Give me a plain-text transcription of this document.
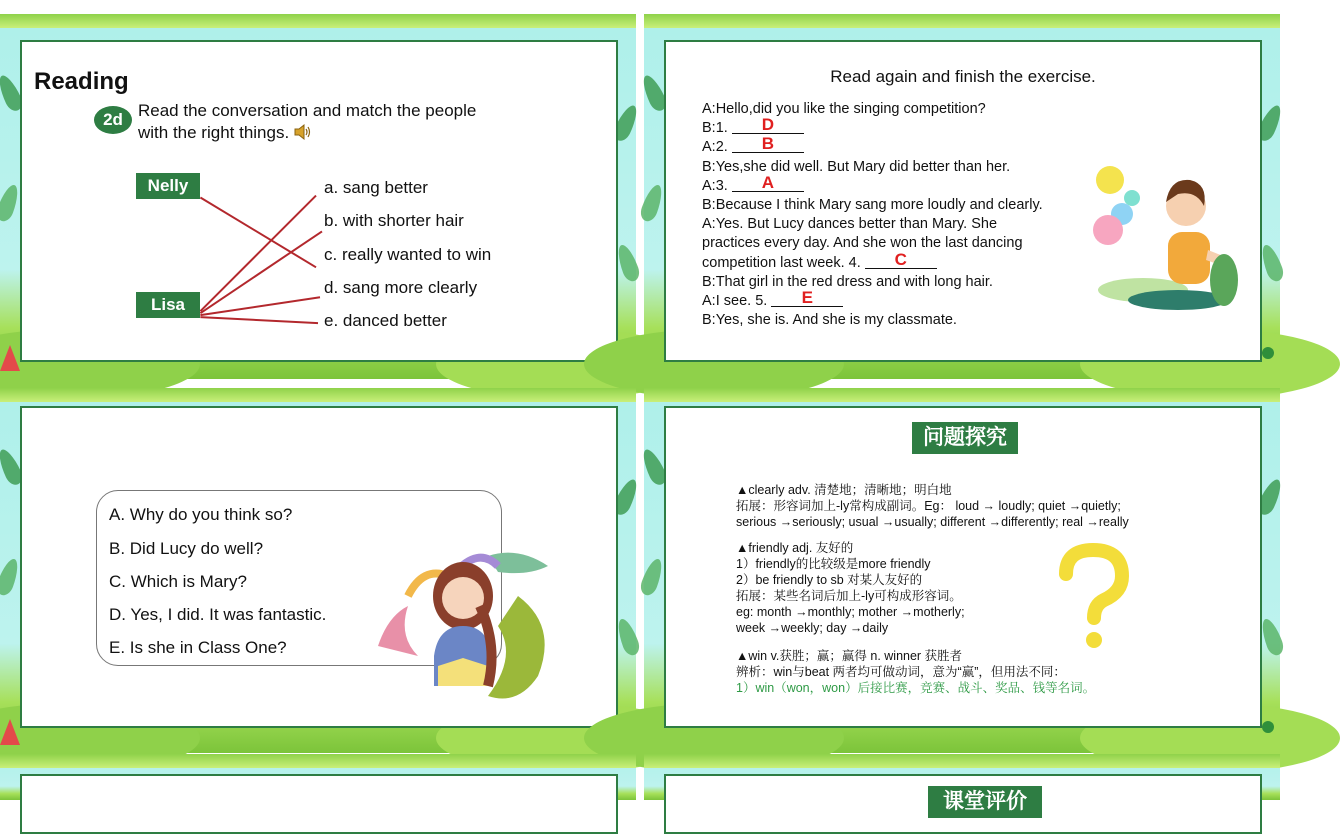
Reading
2d Read the conversation and match the people
with the right things.
Nelly
Lisa
a. sang better
b. with shorter hair
c. really wanted to win
d. sang more clearly
e. danced better
Read again and finish the exercise.
A:Hello,did you like the singing competition?
B:1.	D
A:2.	B
B:Yes,she did well. But Mary did better than her.
A:3.	A
B:Because I think Mary sang more loudly and clearly.
A:Yes. But Lucy dances better than Mary. She
practices every day. And she won the last dancing
competition last week. 4.	C
B:That girl in the red dress and with long hair.
A:I see. 5.	E
B:Yes, she is. And she is my classmate.
A. Why do you think so?
B. Did Lucy do well?
C. Which is Mary?
D. Yes, I did. It was fantastic.
E. Is she in Class One?
问题探究
▲clearly adv. 清楚地；清晰地；明白地
拓展：形容词加上-ly常构成副词。Eg： loud → loudly; quiet →quietly;
serious →seriously; usual →usually; different →differently; real →really
▲friendly adj. 友好的
1）friendly的比较级是more friendly
2）be friendly to sb 对某人友好的
拓展：某些名词后加上-ly可构成形容词。
eg: month →monthly; mother →motherly;
week →weekly; day →daily
▲win v.获胜；赢；赢得 n. winner 获胜者
辨析：win与beat 两者均可做动词，意为“赢”，但用法不同：
1）win（won，won）后接比赛，竞赛、战斗、奖品、钱等名词。
课堂评价
